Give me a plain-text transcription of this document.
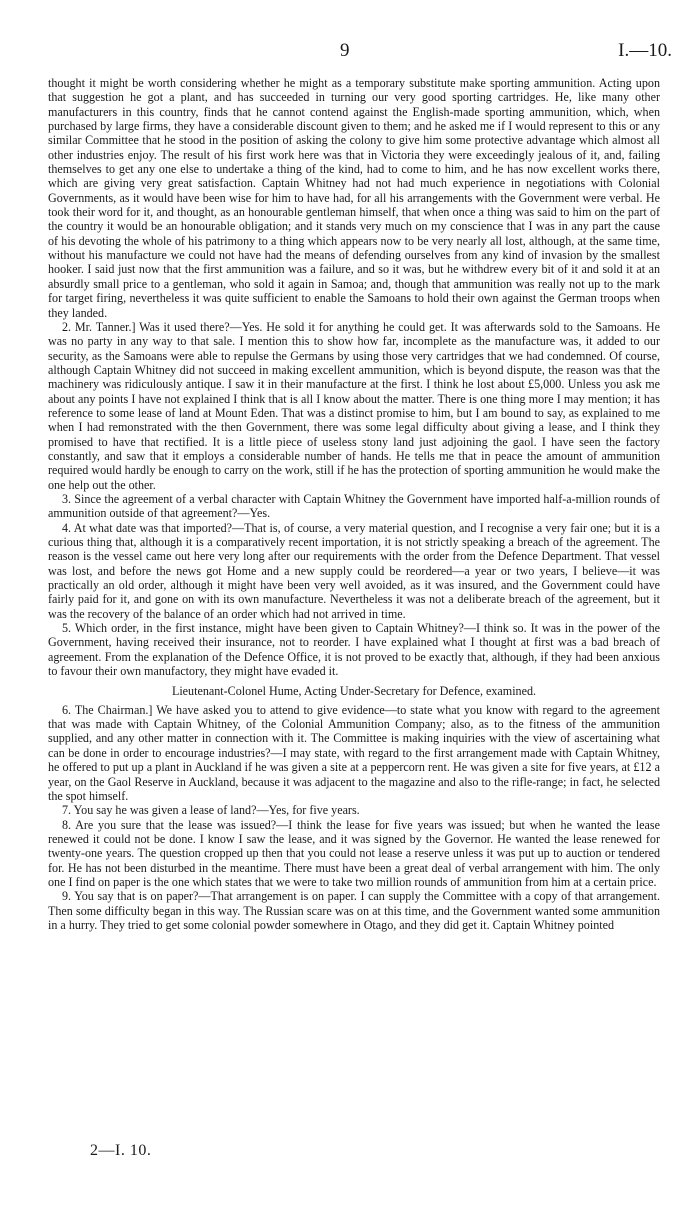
9	I.—10.

thought it might be worth considering whether he might as a temporary substitute make sporting ammunition. Acting upon that suggestion he got a plant, and has succeeded in turning our very good sporting cartridges. He, like many other manufacturers in this country, finds that he cannot contend against the English-made sporting ammunition, which, when purchased by large firms, they have a considerable discount given to them; and he asked me if I would represent to this or any similar Committee that he stood in the position of asking the colony to give him some protective advantage which almost all other industries enjoy. The result of his first work here was that in Victoria they were exceedingly jealous of it, and, failing themselves to get any one else to undertake a thing of the kind, had to come to him, and he has now excellent works there, which are giving very great satisfaction. Captain Whitney had not had much experience in negotiations with Colonial Governments, as it would have been wise for him to have had, for all his arrangements with the Government were verbal. He took their word for it, and thought, as an honourable gentleman himself, that when once a thing was said to him on the part of the country it would be an honourable obligation; and it stands very much on my conscience that I was in any part the cause of his devoting the whole of his patrimony to a thing which appears now to be very nearly all lost, although, at the same time, without his manufacture we could not have had the means of defending ourselves from any kind of invasion by the smallest hooker. I said just now that the first ammunition was a failure, and so it was, but he withdrew every bit of it and sold it at an absurdly small price to a gentleman, who sold it again in Samoa; and, though that ammunition was really not up to the mark for target firing, nevertheless it was quite sufficient to enable the Samoans to hold their own against the German troops when they landed.

2. Mr. Tanner.] Was it used there?—Yes. He sold it for anything he could get. It was afterwards sold to the Samoans. He was no party in any way to that sale. I mention this to show how far, incomplete as the manufacture was, it added to our security, as the Samoans were able to repulse the Germans by using those very cartridges that we had condemned. Of course, although Captain Whitney did not succeed in making excellent ammunition, which is beyond dispute, the reason was that the machinery was ridiculously antique. I saw it in their manufacture at the first. I think he lost about £5,000. Unless you ask me about any points I have not explained I think that is all I know about the matter. There is one thing more I may mention; it has reference to some lease of land at Mount Eden. That was a distinct promise to him, but I am bound to say, as explained to me when I had remonstrated with the then Government, there was some legal difficulty about giving a lease, and I think they promised to have that rectified. It is a little piece of useless stony land just adjoining the gaol. I have seen the factory constantly, and saw that it employs a considerable number of hands. He tells me that in peace the amount of ammunition required would hardly be enough to carry on the work, still if he has the protection of sporting ammunition he would make the one help out the other.

3. Since the agreement of a verbal character with Captain Whitney the Government have imported half-a-million rounds of ammunition outside of that agreement?—Yes.

4. At what date was that imported?—That is, of course, a very material question, and I recognise a very fair one; but it is a curious thing that, although it is a comparatively recent importation, it is not strictly speaking a breach of the agreement. The reason is the vessel came out here very long after our requirements with the order from the Defence Department. That vessel was lost, and before the news got Home and a new supply could be reordered—a year or two years, I believe—it was practically an old order, although it might have been very well avoided, as it was insured, and the Government could have fairly paid for it, and gone on with its own manufacture. Nevertheless it was not a deliberate breach of the agreement, but it was the recovery of the balance of an order which had not arrived in time.

5. Which order, in the first instance, might have been given to Captain Whitney?—I think so. It was in the power of the Government, having received their insurance, not to reorder. I have explained what I thought at first was a bad breach of agreement. From the explanation of the Defence Office, it is not proved to be exactly that, although, if they had been anxious to favour their own manufactory, they might have evaded it.

Lieutenant-Colonel Hume, Acting Under-Secretary for Defence, examined.

6. The Chairman.] We have asked you to attend to give evidence—to state what you know with regard to the agreement that was made with Captain Whitney, of the Colonial Ammunition Company; also, as to the fitness of the ammunition supplied, and any other matter in connection with it. The Committee is making inquiries with the view of ascertaining what can be done in order to encourage industries?—I may state, with regard to the first arrangement made with Captain Whitney, he offered to put up a plant in Auckland if he was given a site at a peppercorn rent. He was given a site for five years, at £12 a year, on the Gaol Reserve in Auckland, because it was adjacent to the magazine and also to the rifle-range; in fact, he selected the spot himself.

7. You say he was given a lease of land?—Yes, for five years.

8. Are you sure that the lease was issued?—I think the lease for five years was issued; but when he wanted the lease renewed it could not be done. I know I saw the lease, and it was signed by the Governor. He wanted the lease renewed for twenty-one years. The question cropped up then that you could not lease a reserve unless it was put up to auction or tendered for. He has not been disturbed in the meantime. There must have been a great deal of verbal arrangement with him. The only one I find on paper is the one which states that we were to take two million rounds of ammunition from him at a certain price.

9. You say that is on paper?—That arrangement is on paper. I can supply the Committee with a copy of that arrangement. Then some difficulty began in this way. The Russian scare was on at this time, and the Government wanted some ammunition in a hurry. They tried to get some colonial powder somewhere in Otago, and they did get it. Captain Whitney pointed

2—I. 10.
